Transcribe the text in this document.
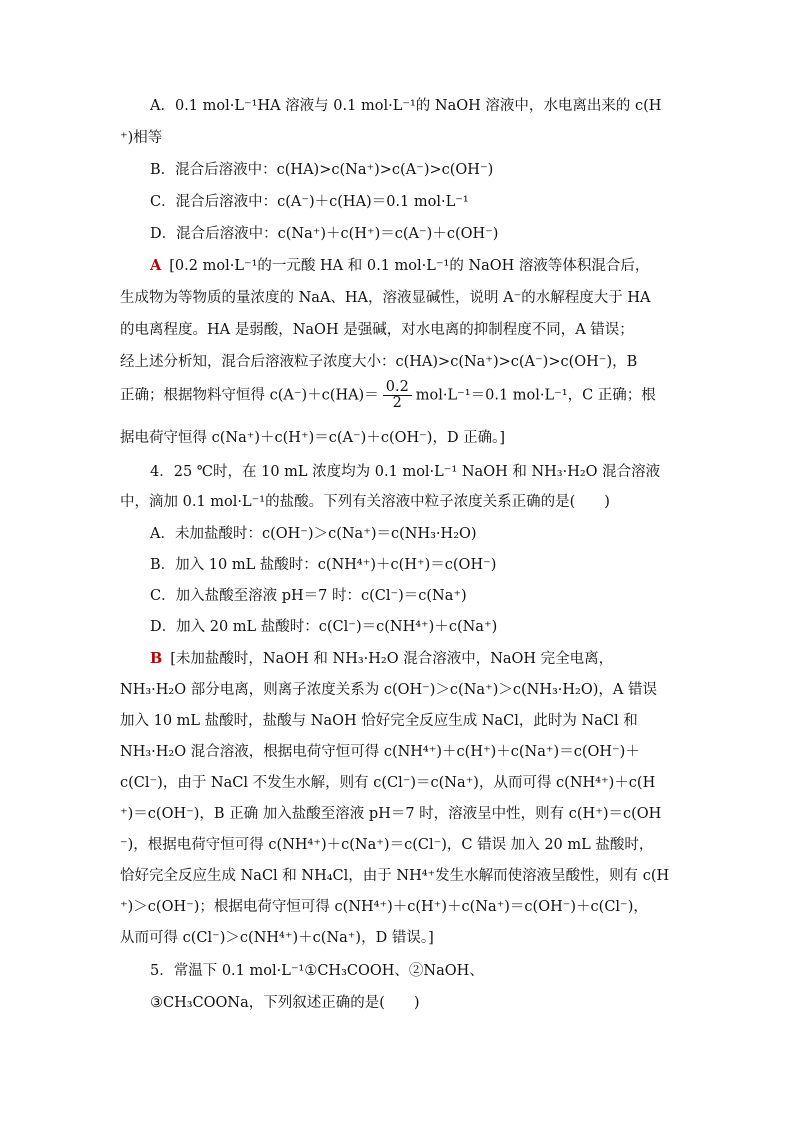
A．0.1 mol·L⁻¹HA 溶液与 0.1 mol·L⁻¹的 NaOH 溶液中，水电离出来的 c(H
⁺)相等
B．混合后溶液中：c(HA)>c(Na⁺)>c(A⁻)>c(OH⁻)
C．混合后溶液中：c(A⁻)＋c(HA)＝0.1 mol·L⁻¹
D．混合后溶液中：c(Na⁺)＋c(H⁺)＝c(A⁻)＋c(OH⁻)
A [0.2 mol·L⁻¹的一元酸 HA 和 0.1 mol·L⁻¹的 NaOH 溶液等体积混合后，
生成物为等物质的量浓度的 NaA、HA，溶液显碱性，说明 A⁻的水解程度大于 HA
的电离程度。HA 是弱酸，NaOH 是强碱，对水电离的抑制程度不同，A 错误；
经上述分析知，混合后溶液粒子浓度大小：c(HA)>c(Na⁺)>c(A⁻)>c(OH⁻)，B
正确；根据物料守恒得 $c(A^-)+c(HA)= \frac{0.2}{2} mol\cdot L^{-1}=0.1$ mol·L⁻¹，C 正确；根
据电荷守恒得 c(Na⁺)＋c(H⁺)＝c(A⁻)＋c(OH⁻)，D 正确。]
4．25 ℃时，在 10 mL 浓度均为 0.1 mol·L⁻¹ NaOH 和 NH₃·H₂O 混合溶液
中，滴加 0.1 mol·L⁻¹的盐酸。下列有关溶液中粒子浓度关系正确的是(　　)
A．未加盐酸时：c(OH⁻)＞c(Na⁺)＝c(NH₃·H₂O)
B．加入 10 mL 盐酸时：c(NH⁴⁺)＋c(H⁺)＝c(OH⁻)
C．加入盐酸至溶液 pH＝7 时：c(Cl⁻)＝c(Na⁺)
D．加入 20 mL 盐酸时：c(Cl⁻)＝c(NH⁴⁺)＋c(Na⁺)
B [未加盐酸时，NaOH 和 NH₃·H₂O 混合溶液中，NaOH 完全电离，
NH₃·H₂O 部分电离，则离子浓度关系为 c(OH⁻)＞c(Na⁺)＞c(NH₃·H₂O)，A 错误
加入 10 mL 盐酸时，盐酸与 NaOH 恰好完全反应生成 NaCl，此时为 NaCl 和
NH₃·H₂O 混合溶液，根据电荷守恒可得 c(NH⁴⁺)＋c(H⁺)＋c(Na⁺)＝c(OH⁻)＋
c(Cl⁻)，由于 NaCl 不发生水解，则有 c(Cl⁻)＝c(Na⁺)，从而可得 c(NH⁴⁺)＋c(H
⁺)＝c(OH⁻)，B 正确 加入盐酸至溶液 pH＝7 时，溶液呈中性，则有 c(H⁺)＝c(OH
⁻)，根据电荷守恒可得 c(NH⁴⁺)＋c(Na⁺)＝c(Cl⁻)，C 错误 加入 20 mL 盐酸时，
恰好完全反应生成 NaCl 和 NH₄Cl，由于 NH⁴⁺发生水解而使溶液呈酸性，则有 c(H
⁺)＞c(OH⁻)；根据电荷守恒可得 c(NH⁴⁺)＋c(H⁺)＋c(Na⁺)＝c(OH⁻)＋c(Cl⁻)，
从而可得 c(Cl⁻)＞c(NH⁴⁺)＋c(Na⁺)，D 错误。]
5．常温下 0.1 mol·L⁻¹①CH₃COOH、②NaOH、
③CH₃COONa，下列叙述正确的是(　　)
